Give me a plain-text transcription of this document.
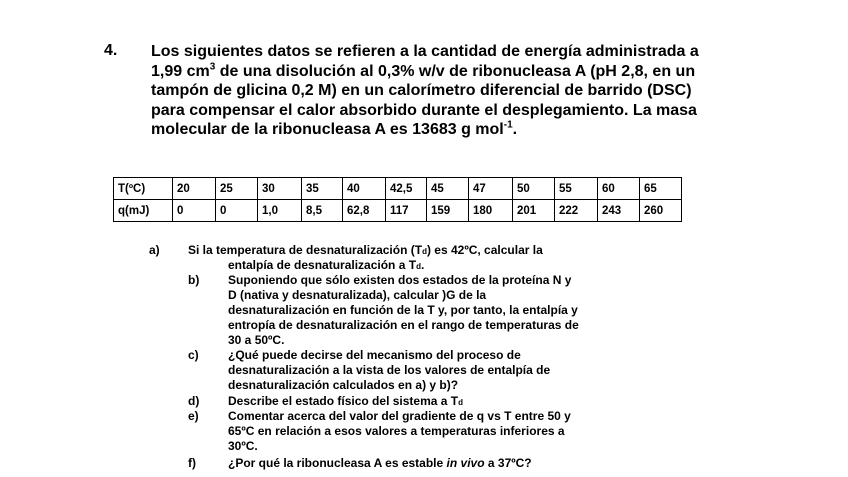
4. Los siguientes datos se refieren a la cantidad de energía administrada a 1,99 $cm^3$ de una disolución al 0,3% w/v de ribonucleasa A (pH 2,8, en un tampón de glicina 0,2 M) en un calorímetro diferencial de barrido (DSC) para compensar el calor absorbido durante el desplegamiento. La masa molecular de la ribonucleasa A es 13683 g mol$^{-1}$.
T(ºC)	20	25	30	35	40	42,5	45	47	50	55	60	65
q(mJ)	0	0	1,0	8,5	62,8	117	159	180	201	222	243	260
a) Si la temperatura de desnaturalización (Td) es 42ºC, calcular la
entalpía de desnaturalización a Td.
b) Suponiendo que sólo existen dos estados de la proteína N y
D (nativa y desnaturalizada), calcular )G de la
desnaturalización en función de la T y, por tanto, la entalpía y
entropía de desnaturalización en el rango de temperaturas de
30 a 50ºC.
c) ¿Qué puede decirse del mecanismo del proceso de
desnaturalización a la vista de los valores de entalpía de
desnaturalización calculados en a) y b)?
d) Describe el estado físico del sistema a Td
e) Comentar acerca del valor del gradiente de q vs T entre 50 y
65ºC en relación a esos valores a temperaturas inferiores a
30ºC.
f)	¿Por qué la ribonucleasa A es estable in vivo a 37ºC?
